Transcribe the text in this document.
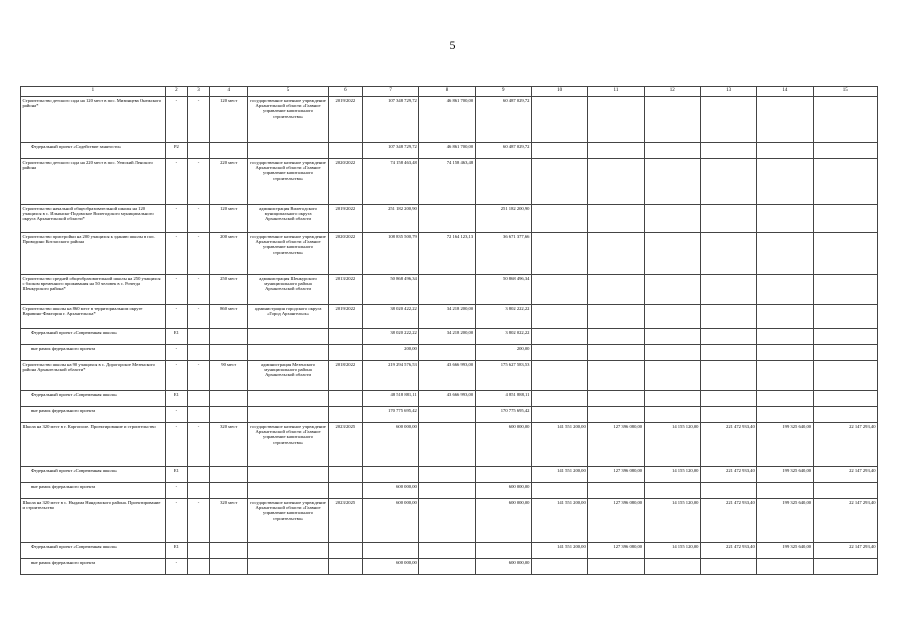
5
1	2	3	4	5	6	7	8	9	10	11	12	13	14	15
Строительство детского сада на 120 мест в пос. Мизинцева Онежского района*	-	-	120 мест	государственное казенное учреждение Архангельской области «Главное управление капитального строительства»	2019/2022	107 348 729,72	46 861 700,00	60 487 029,72						
Федеральный проект «Содействие занятости»	P2					107 348 729,72	46 861 700,00	60 487 029,72						
Строительство детского сада на 220 мест в пос. Уемский Ленского района	-	-	220 мест	государственное казенное учреждение Архангельской области «Главное управление капитального строительства»	2020/2022	74 158 463,48	74 158 463,48							
Строительство начальной общеобразовательной школы на 120 учащихся в с. Ильинско-Подомское Вилегодского муниципального округа Архангельской области*	-	-	120 мест	администрация Вилегодского муниципального округа Архангельской области	2019/2022	251 182 200,90		251 182 200,90						
Строительство пристройки на 200 учащихся к зданию школы в пос. Приводино Котласского района	-	-	200 мест	государственное казенное учреждение Архангельской области «Главное управление капитального строительства»	2020/2022	108 835 500,79	72 164 123,13	36 671 377,66						
Строительство средней общеобразовательной школы на 250 учащихся с блоком временного проживания на 50 человек в с. Рочегда Шенкурского района*	-	-	250 мест	администрация Шенкурского муниципального района Архангельской области	2013/2022	50 868 496,34		50 868 496,34						
Строительство школы на 860 мест в территориальном округе Варавино-Фактория г. Архангельска*	-	-	860 мест	администрация городского округа «Город Архангельск»	2019/2022	38 020 422,22	34 218 200,00	3 802 222,22						
Федеральный проект «Современная школа»	E1					38 020 222,22	34 218 200,00	3 802 022,22						
вне рамок федерального проекта	-					200,00		200,00						
Строительство школы на 90 учащихся в с. Дорогорское Мезенского района Архангельской области*	-	-	90 мест	администрация Мезенского муниципального района Архангельской области	2018/2022	219 294 576,53	43 666 993,00	175 627 583,53						
Федеральный проект «Современная школа»	E1					48 518 881,11	43 666 993,00	4 851 888,11						
вне рамок федерального проекта	-					170 775 695,42		170 775 695,42						
Школа на 320 мест в г. Каргополе. Проектирование и строительство	-	-	320 мест	государственное казенное учреждение Архангельской области «Главное управление капитального строительства»	2023/2025	600 000,00		600 000,00	141 551 200,00	127 396 080,00	14 155 120,00	221 472 933,40	199 325 640,00	22 147 293,40
Федеральный проект «Современная школа»	E1								141 551 200,00	127 396 080,00	14 155 120,00	221 472 933,40	199 325 640,00	22 147 293,40
вне рамок федерального проекта	-					600 000,00		600 000,00						
Школа на 320 мест в с. Ныдама Няндомского района. Проектирование и строительство	-	-	320 мест	государственное казенное учреждение Архангельской области «Главное управление капитального строительства»	2023/2025	600 000,00		600 000,00	141 551 200,00	127 396 080,00	14 155 120,00	221 472 933,40	199 325 640,00	22 147 293,40
Федеральный проект «Современная школа»	E1								141 551 200,00	127 396 080,00	14 155 120,00	221 472 933,40	199 325 640,00	22 147 293,40
вне рамок федерального проекта	-					600 000,00		600 000,00						
